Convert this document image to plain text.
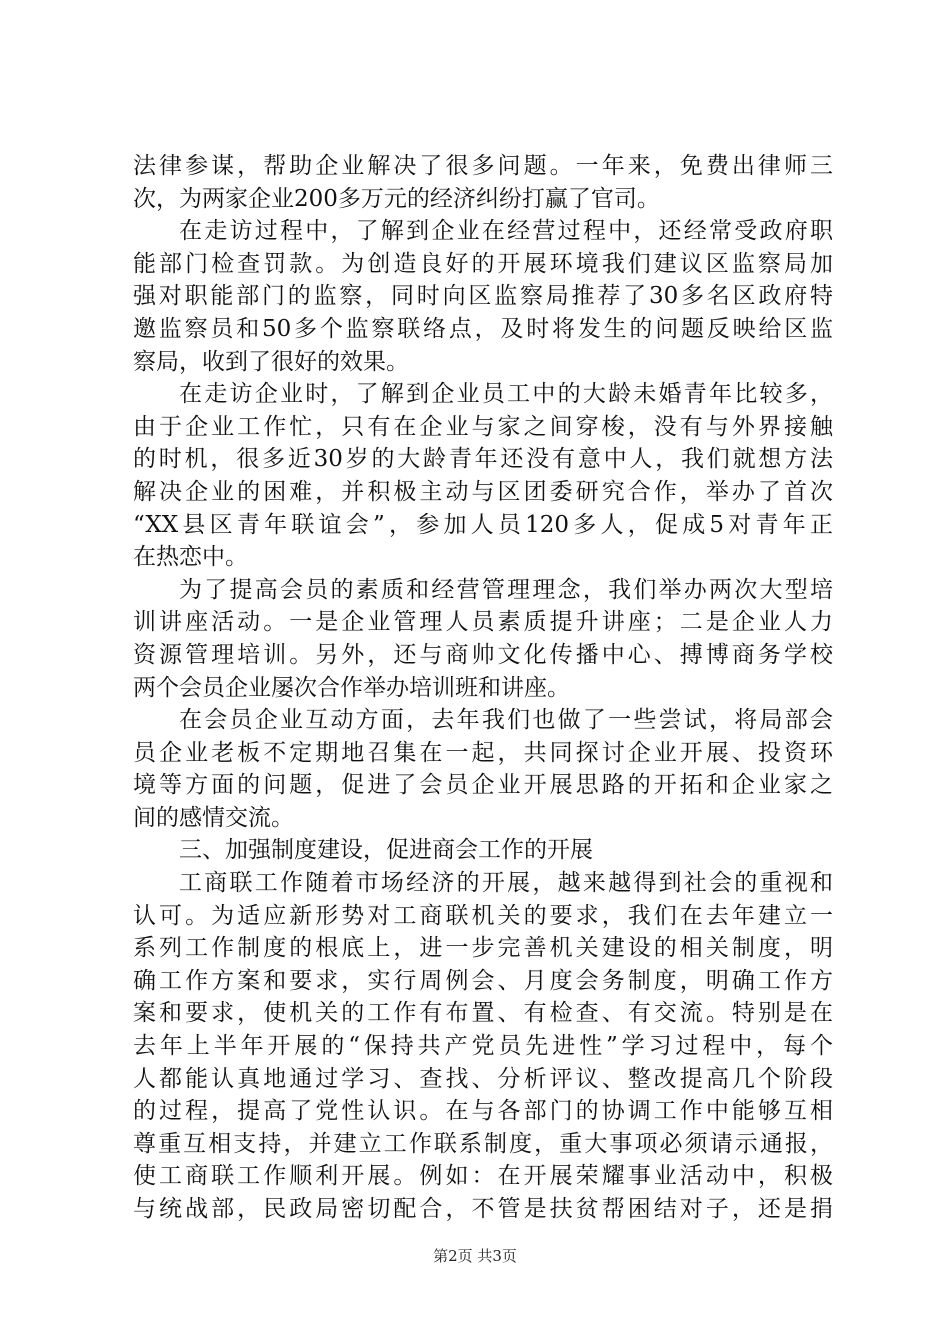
法律参谋，帮助企业解决了很多问题。一年来，免费出律师三
次，为两家企业200多万元的经济纠纷打赢了官司。
在走访过程中，了解到企业在经营过程中，还经常受政府职
能部门检查罚款。为创造良好的开展环境我们建议区监察局加
强对职能部门的监察，同时向区监察局推荐了30多名区政府特
邀监察员和50多个监察联络点，及时将发生的问题反映给区监
察局，收到了很好的效果。
在走访企业时，了解到企业员工中的大龄未婚青年比较多，
由于企业工作忙，只有在企业与家之间穿梭，没有与外界接触
的时机，很多近30岁的大龄青年还没有意中人，我们就想方法
解决企业的困难，并积极主动与区团委研究合作，举办了首次
“XX县区青年联谊会”，参加人员120多人，促成5对青年正
在热恋中。
为了提高会员的素质和经营管理理念，我们举办两次大型培
训讲座活动。一是企业管理人员素质提升讲座；二是企业人力
资源管理培训。另外，还与商帅文化传播中心、搏博商务学校
两个会员企业屡次合作举办培训班和讲座。
在会员企业互动方面，去年我们也做了一些尝试，将局部会
员企业老板不定期地召集在一起，共同探讨企业开展、投资环
境等方面的问题，促进了会员企业开展思路的开拓和企业家之
间的感情交流。
三、加强制度建设，促进商会工作的开展
工商联工作随着市场经济的开展，越来越得到社会的重视和
认可。为适应新形势对工商联机关的要求，我们在去年建立一
系列工作制度的根底上，进一步完善机关建设的相关制度，明
确工作方案和要求，实行周例会、月度会务制度，明确工作方
案和要求，使机关的工作有布置、有检查、有交流。特别是在
去年上半年开展的“保持共产党员先进性”学习过程中，每个
人都能认真地通过学习、查找、分析评议、整改提高几个阶段
的过程，提高了党性认识。在与各部门的协调工作中能够互相
尊重互相支持，并建立工作联系制度，重大事项必须请示通报，
使工商联工作顺利开展。例如：在开展荣耀事业活动中，积极
与统战部，民政局密切配合，不管是扶贫帮困结对子，还是捐
第2页 共3页
